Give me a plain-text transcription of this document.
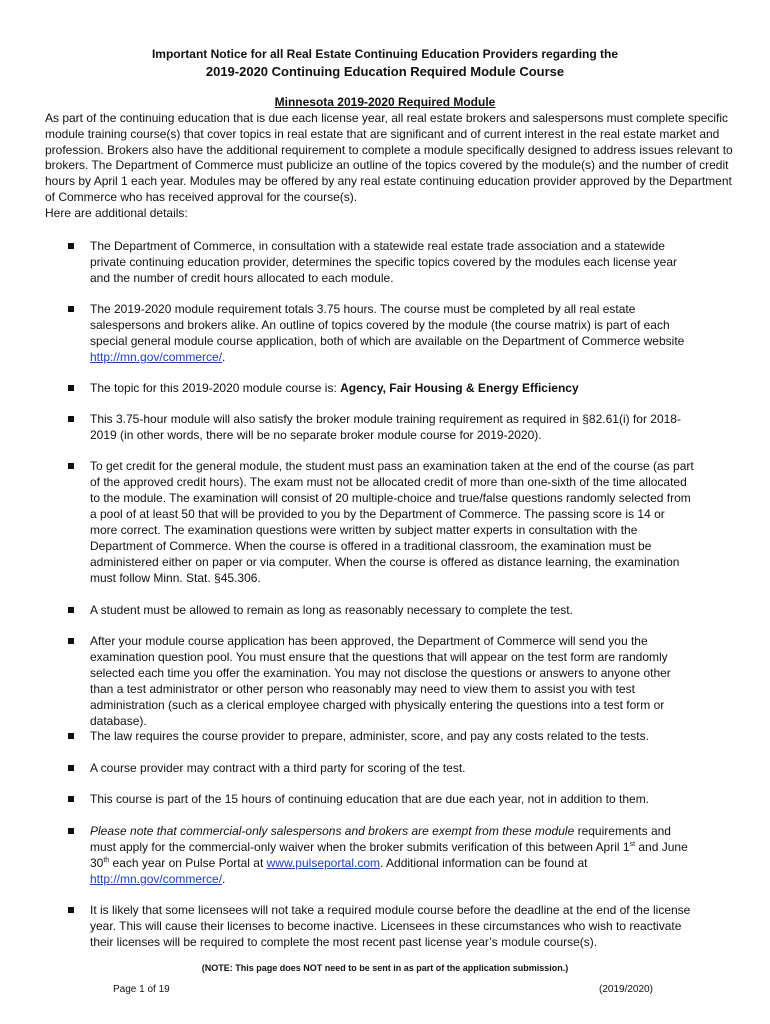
Important Notice for all Real Estate Continuing Education Providers regarding the
2019-2020 Continuing Education Required Module Course
Minnesota 2019-2020 Required Module

As part of the continuing education that is due each license year, all real estate brokers and salespersons must complete specific module training course(s) that cover topics in real estate that are significant and of current interest in the real estate market and profession. Brokers also have the additional requirement to complete a module specifically designed to address issues relevant to brokers. The Department of Commerce must publicize an outline of the topics covered by the module(s) and the number of credit hours by April 1 each year. Modules may be offered by any real estate continuing education provider approved by the Department of Commerce who has received approval for the course(s).

Here are additional details:

The Department of Commerce, in consultation with a statewide real estate trade association and a statewide private continuing education provider, determines the specific topics covered by the modules each license year and the number of credit hours allocated to each module.

The 2019-2020 module requirement totals 3.75 hours. The course must be completed by all real estate salespersons and brokers alike. An outline of topics covered by the module (the course matrix) is part of each special general module course application, both of which are available on the Department of Commerce website http://mn.gov/commerce/.

The topic for this 2019-2020 module course is: Agency, Fair Housing & Energy Efficiency

This 3.75-hour module will also satisfy the broker module training requirement as required in §82.61(i) for 2018-2019 (in other words, there will be no separate broker module course for 2019-2020).

To get credit for the general module, the student must pass an examination taken at the end of the course (as part of the approved credit hours). The exam must not be allocated credit of more than one-sixth of the time allocated to the module. The examination will consist of 20 multiple-choice and true/false questions randomly selected from a pool of at least 50 that will be provided to you by the Department of Commerce. The passing score is 14 or more correct. The examination questions were written by subject matter experts in consultation with the Department of Commerce. When the course is offered in a traditional classroom, the examination must be administered either on paper or via computer. When the course is offered as distance learning, the examination must follow Minn. Stat. §45.306.

A student must be allowed to remain as long as reasonably necessary to complete the test.

After your module course application has been approved, the Department of Commerce will send you the examination question pool. You must ensure that the questions that will appear on the test form are randomly selected each time you offer the examination. You may not disclose the questions or answers to anyone other than a test administrator or other person who reasonably may need to view them to assist you with test administration (such as a clerical employee charged with physically entering the questions into a test form or database).

The law requires the course provider to prepare, administer, score, and pay any costs related to the tests.

A course provider may contract with a third party for scoring of the test.

This course is part of the 15 hours of continuing education that are due each year, not in addition to them.

Please note that commercial-only salespersons and brokers are exempt from these module requirements and must apply for the commercial-only waiver when the broker submits verification of this between April 1st and June 30th each year on Pulse Portal at www.pulseportal.com. Additional information can be found at http://mn.gov/commerce/.

It is likely that some licensees will not take a required module course before the deadline at the end of the license year. This will cause their licenses to become inactive. Licensees in these circumstances who wish to reactivate their licenses will be required to complete the most recent past license year’s module course(s).

(NOTE: This page does NOT need to be sent in as part of the application submission.)
Page 1 of 19	(2019/2020)
